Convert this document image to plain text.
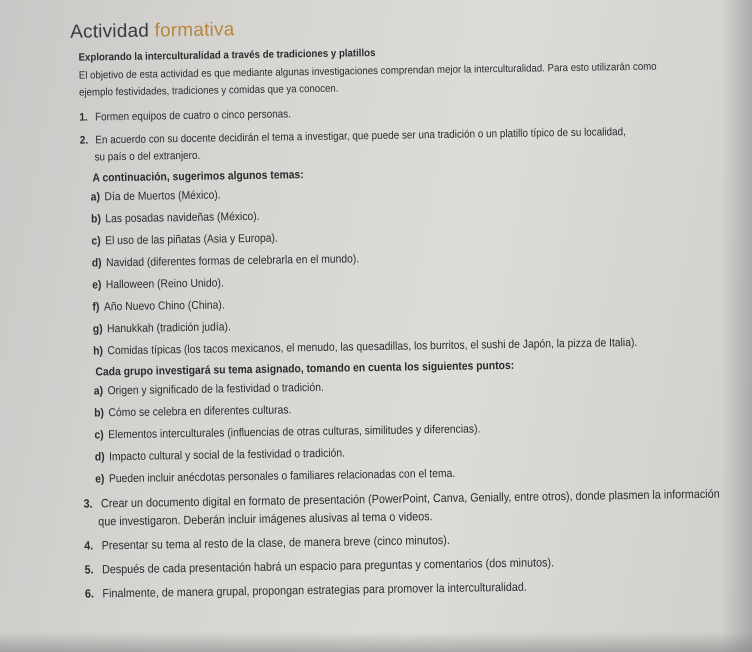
Actividad formativa
Explorando la interculturalidad a través de tradiciones y platillos
El objetivo de esta actividad es que mediante algunas investigaciones comprendan mejor la interculturalidad. Para esto utilizarán como
ejemplo festividades, tradiciones y comidas que ya conocen.
1. Formen equipos de cuatro o cinco personas.
2. En acuerdo con su docente decidirán el tema a investigar, que puede ser una tradición o un platillo típico de su localidad,
su país o del extranjero.
A continuación, sugerimos algunos temas:
a) Día de Muertos (México).
b) Las posadas navideñas (México).
c) El uso de las piñatas (Asia y Europa).
d) Navidad (diferentes formas de celebrarla en el mundo).
e) Halloween (Reino Unido).
f) Año Nuevo Chino (China).
g) Hanukkah (tradición judía).
h) Comidas típicas (los tacos mexicanos, el menudo, las quesadillas, los burritos, el sushi de Japón, la pizza de Italia).
Cada grupo investigará su tema asignado, tomando en cuenta los siguientes puntos:
a) Origen y significado de la festividad o tradición.
b) Cómo se celebra en diferentes culturas.
c) Elementos interculturales (influencias de otras culturas, similitudes y diferencias).
d) Impacto cultural y social de la festividad o tradición.
e) Pueden incluir anécdotas personales o familiares relacionadas con el tema.
3. Crear un documento digital en formato de presentación (PowerPoint, Canva, Genially, entre otros), donde plasmen la información
que investigaron. Deberán incluir imágenes alusivas al tema o videos.
4. Presentar su tema al resto de la clase, de manera breve (cinco minutos).
5. Después de cada presentación habrá un espacio para preguntas y comentarios (dos minutos).
6. Finalmente, de manera grupal, propongan estrategias para promover la interculturalidad.
